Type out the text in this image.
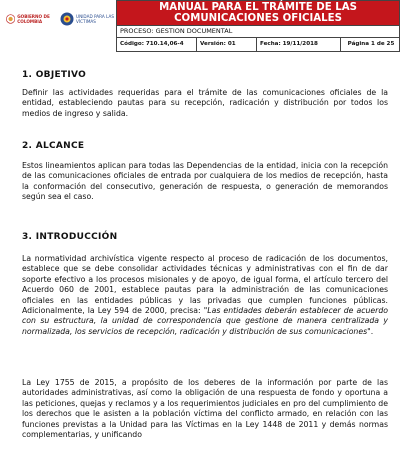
GOBIERNO DE COLOMBIA
UNIDAD PARA LAS VÍCTIMAS
MANUAL PARA EL TRÁMITE DE LAS COMUNICACIONES OFICIALES
PROCESO: GESTION DOCUMENTAL
Código: 710.14,06-4	Versión: 01	Fecha: 19/11/2018	Página 1 de 25
1. OBJETIVO

Definir las actividades requeridas para el trámite de las comunicaciones oficiales de la entidad, estableciendo pautas para su recepción, radicación y distribución por todos los medios de ingreso y salida.

2. ALCANCE

Estos lineamientos aplican para todas las Dependencias de la entidad, inicia con la recepción de las comunicaciones oficiales de entrada por cualquiera de los medios de recepción, hasta la conformación del consecutivo, generación de respuesta, o generación de memorandos según sea el caso.

3. INTRODUCCIÓN

La normatividad archivística vigente respecto al proceso de radicación de los documentos, establece que se debe consolidar actividades técnicas y administrativas con el fin de dar soporte efectivo a los procesos misionales y de apoyo, de igual forma, el artículo tercero del Acuerdo 060 de 2001, establece pautas para la administración de las comunicaciones oficiales en las entidades públicas y las privadas que cumplen funciones públicas. Adicionalmente, la Ley 594 de 2000, precisa: "Las entidades deberán establecer de acuerdo con su estructura, la unidad de correspondencia que gestione de manera centralizada y normalizada, los servicios de recepción, radicación y distribución de sus comunicaciones".

La Ley 1755 de 2015, a propósito de los deberes de la información por parte de las autoridades administrativas, así como la obligación de una respuesta de fondo y oportuna a las peticiones, quejas y reclamos y a los requerimientos judiciales en pro del cumplimiento de los derechos que le asisten a la población víctima del conflicto armado, en relación con las funciones previstas a la Unidad para las Víctimas en la Ley 1448 de 2011 y demás normas complementarias, y unificando
